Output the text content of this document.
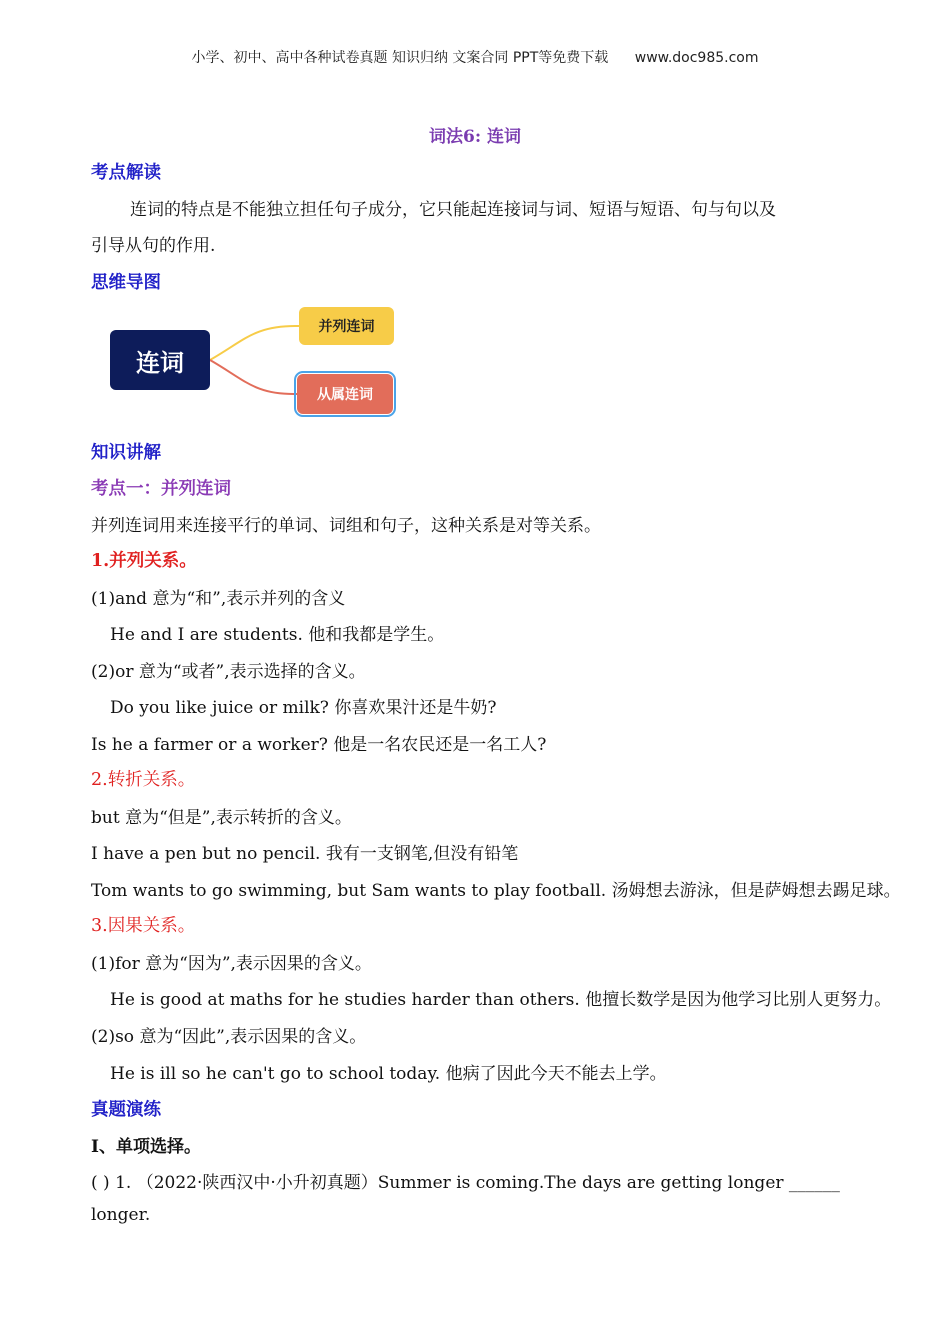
小学、初中、高中各种试卷真题 知识归纳 文案合同 PPT等免费下载 www.doc985.com
词法6: 连词
考点解读
连词的特点是不能独立担任句子成分，它只能起连接词与词、短语与短语、句与句以及
引导从句的作用.
思维导图
连词
并列连词
从属连词
知识讲解
考点一：并列连词
并列连词用来连接平行的单词、词组和句子，这种关系是对等关系。
1.并列关系。
(1)and 意为“和”,表示并列的含义
He and I are students. 他和我都是学生。
(2)or 意为“或者”,表示选择的含义。
Do you like juice or milk? 你喜欢果汁还是牛奶?
Is he a farmer or a worker? 他是一名农民还是一名工人?
2.转折关系。
but 意为“但是”,表示转折的含义。
I have a pen but no pencil. 我有一支钢笔,但没有铅笔
Tom wants to go swimming, but Sam wants to play football. 汤姆想去游泳，但是萨姆想去踢足球。
3.因果关系。
(1)for 意为“因为”,表示因果的含义。
He is good at maths for he studies harder than others. 他擅长数学是因为他学习比别人更努力。
(2)so 意为“因此”,表示因果的含义。
He is ill so he can't go to school today. 他病了因此今天不能去上学。
真题演练
I、单项选择。
( ) 1. （2022·陕西汉中·小升初真题）Summer is coming.The days are getting longer ______
longer.
